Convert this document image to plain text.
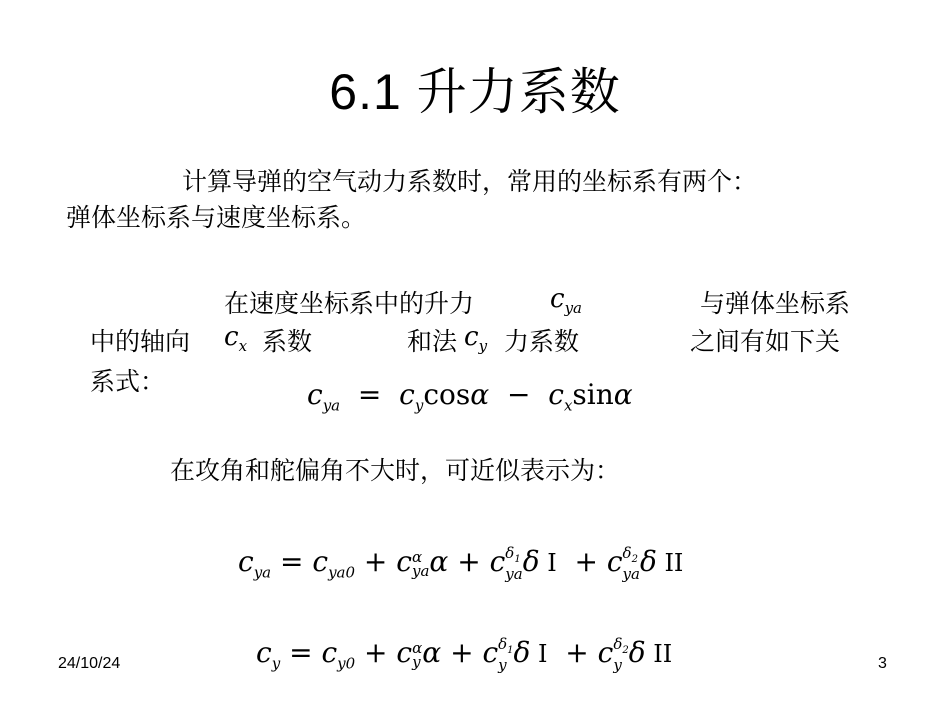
6.1 升力系数
计算导弹的空气动力系数时，常用的坐标系有两个：
弹体坐标系与速度坐标系。
在速度坐标系中的升力	$c_{ya}$	与弹体坐标系
中的轴向 $c_x$ 系数	和法 $c_y$ 力系数	之间有如下关
系式：	$c_{ya} = c_y\cos\alpha - c_x\sin\alpha$
在攻角和舵偏角不大时，可近似表示为：
$c_{ya} = c_{ya0} + c$ α
ya α + c $\delta_1$
ya δ I  + c $\delta_2$
ya δ II
$c_y = c_{y0} + c$ α
y α + c $\delta_1$
y δ I  + c $\delta_2$
y δ II
24/10/24	3
